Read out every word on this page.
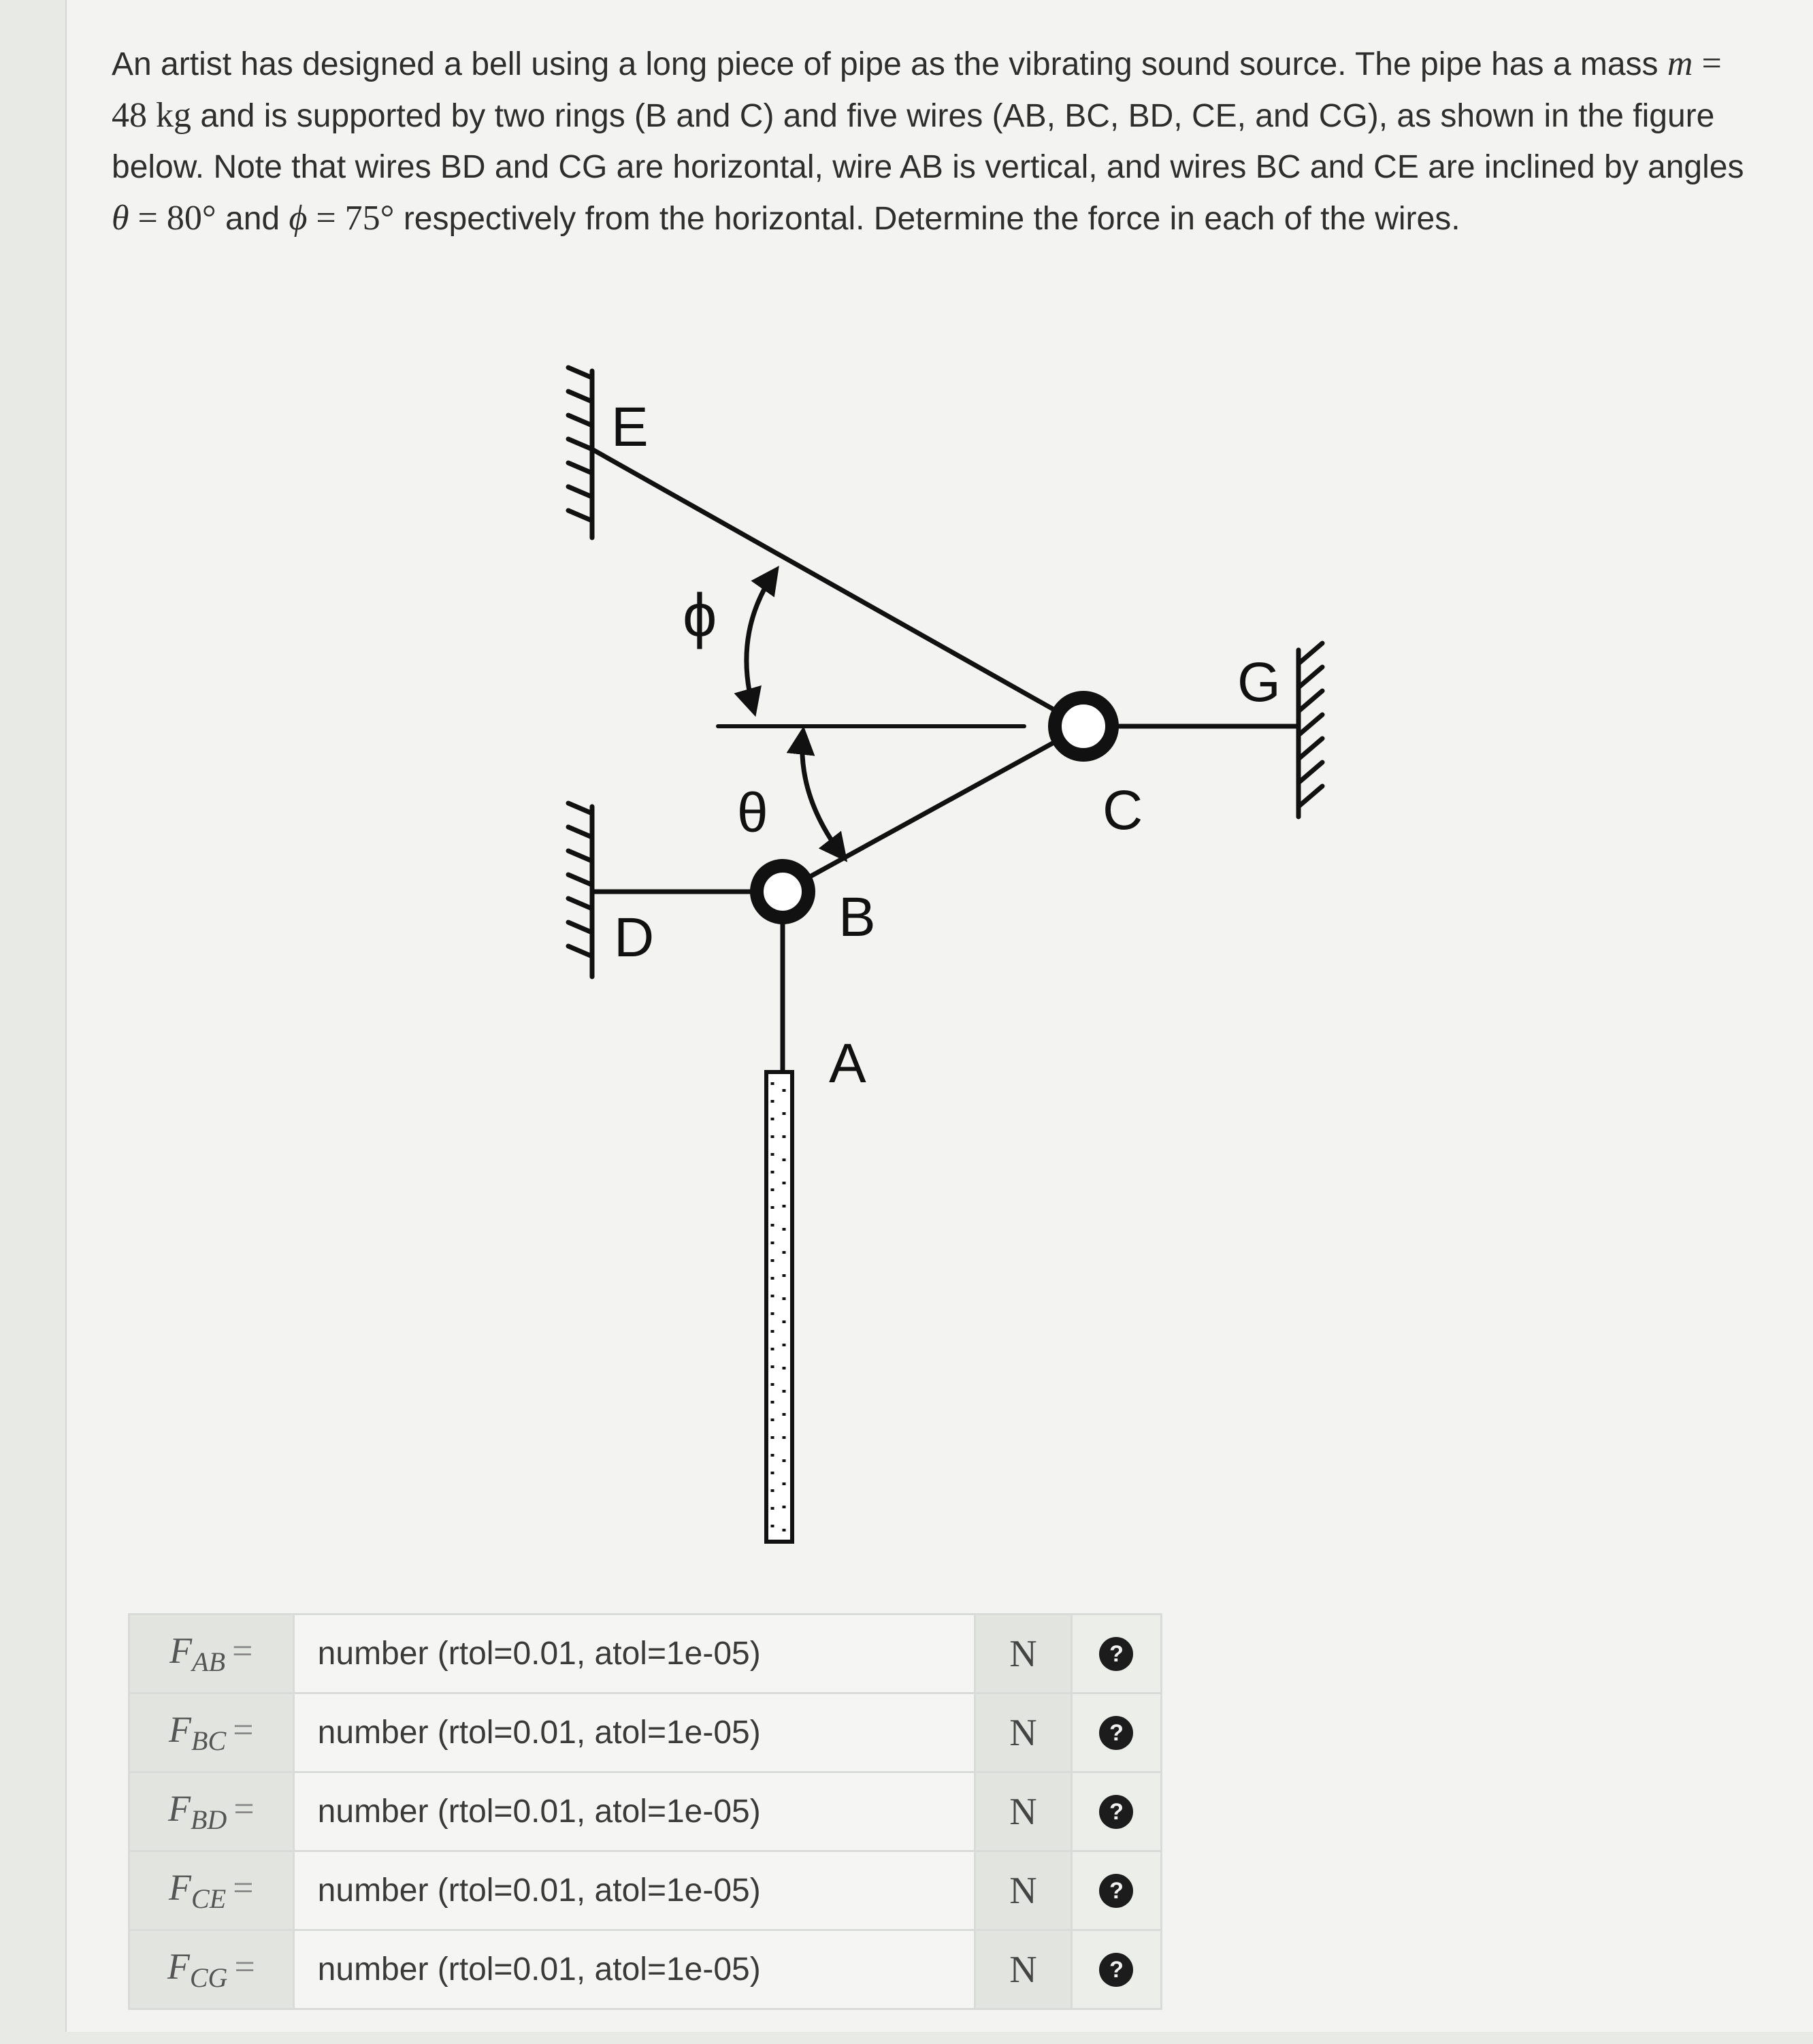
An artist has designed a bell using a long piece of pipe as the vibrating sound source. The pipe has a mass m = 48 kg and is supported by two rings (B and C) and five wires (AB, BC, BD, CE, and CG), as shown in the figure below. Note that wires BD and CG are horizontal, wire AB is vertical, and wires BC and CE are inclined by angles θ = 80° and ϕ = 75° respectively from the horizontal. Determine the force in each of the wires.

E
ϕ
G
C
θ
B
D
A
$F_{AB}$ =	number (rtol=0.01, atol=1e-05)	N	?
$F_{BC}$ =	number (rtol=0.01, atol=1e-05)	N	?
$F_{BD}$ =	number (rtol=0.01, atol=1e-05)	N	?
$F_{CE}$ =	number (rtol=0.01, atol=1e-05)	N	?
$F_{CG}$ =	number (rtol=0.01, atol=1e-05)	N	?
